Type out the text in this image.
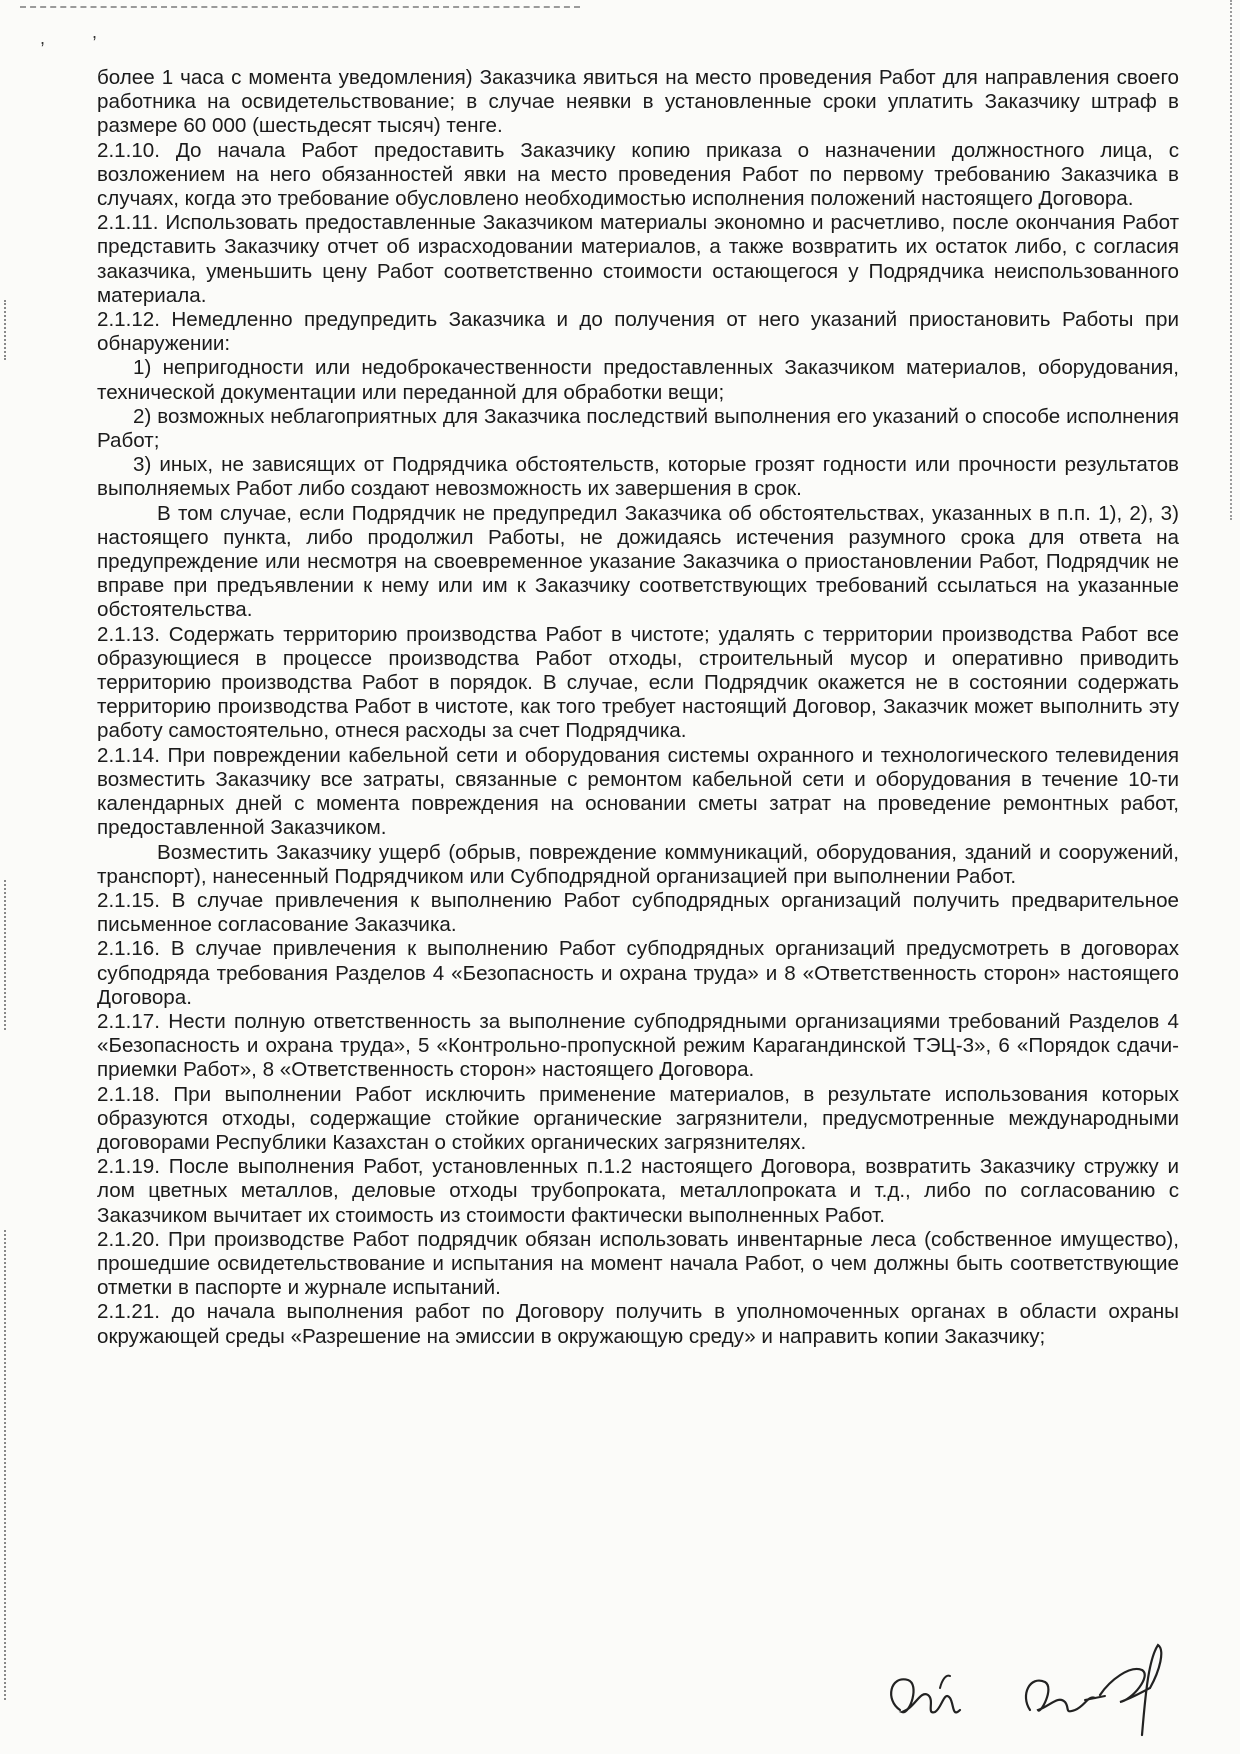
,	,

более 1 часа с момента уведомления) Заказчика явиться на место проведения Работ для направления своего работника на освидетельствование; в случае неявки в установленные сроки уплатить Заказчику штраф в размере 60 000 (шестьдесят тысяч) тенге.

2.1.10. До начала Работ предоставить Заказчику копию приказа о назначении должностного лица, с возложением на него обязанностей явки на место проведения Работ по первому требованию Заказчика в случаях, когда это требование обусловлено необходимостью исполнения положений настоящего Договора.

2.1.11. Использовать предоставленные Заказчиком материалы экономно и расчетливо, после окончания Работ представить Заказчику отчет об израсходовании материалов, а также возвратить их остаток либо, с согласия заказчика, уменьшить цену Работ соответственно стоимости остающегося у Подрядчика неиспользованного материала.

2.1.12. Немедленно предупредить Заказчика и до получения от него указаний приостановить Работы при обнаружении:

1) непригодности или недоброкачественности предоставленных Заказчиком материалов, оборудования, технической документации или переданной для обработки вещи;

2) возможных неблагоприятных для Заказчика последствий выполнения его указаний о способе исполнения Работ;

3) иных, не зависящих от Подрядчика обстоятельств, которые грозят годности или прочности результатов выполняемых Работ либо создают невозможность их завершения в срок.

В том случае, если Подрядчик не предупредил Заказчика об обстоятельствах, указанных в п.п. 1), 2), 3) настоящего пункта, либо продолжил Работы, не дожидаясь истечения разумного срока для ответа на предупреждение или несмотря на своевременное указание Заказчика о приостановлении Работ, Подрядчик не вправе при предъявлении к нему или им к Заказчику соответствующих требований ссылаться на указанные обстоятельства.

2.1.13. Содержать территорию производства Работ в чистоте; удалять с территории производства Работ все образующиеся в процессе производства Работ отходы, строительный мусор и оперативно приводить территорию производства Работ в порядок. В случае, если Подрядчик окажется не в состоянии содержать территорию производства Работ в чистоте, как того требует настоящий Договор, Заказчик может выполнить эту работу самостоятельно, отнеся расходы за счет Подрядчика.

2.1.14. При повреждении кабельной сети и оборудования системы охранного и технологического телевидения возместить Заказчику все затраты, связанные с ремонтом кабельной сети и оборудования в течение 10-ти календарных дней с момента повреждения на основании сметы затрат на проведение ремонтных работ, предоставленной Заказчиком.

Возместить Заказчику ущерб (обрыв, повреждение коммуникаций, оборудования, зданий и сооружений, транспорт), нанесенный Подрядчиком или Субподрядной организацией при выполнении Работ.

2.1.15. В случае привлечения к выполнению Работ субподрядных организаций получить предварительное письменное согласование Заказчика.

2.1.16. В случае привлечения к выполнению Работ субподрядных организаций предусмотреть в договорах субподряда требования Разделов 4 «Безопасность и охрана труда» и 8 «Ответственность сторон» настоящего Договора.

2.1.17. Нести полную ответственность за выполнение субподрядными организациями требований Разделов 4 «Безопасность и охрана труда», 5 «Контрольно-пропускной режим Карагандинской ТЭЦ-3», 6 «Порядок сдачи-приемки Работ», 8 «Ответственность сторон» настоящего Договора.

2.1.18. При выполнении Работ исключить применение материалов, в результате использования которых образуются отходы, содержащие стойкие органические загрязнители, предусмотренные международными договорами Республики Казахстан о стойких органических загрязнителях.

2.1.19. После выполнения Работ, установленных п.1.2 настоящего Договора, возвратить Заказчику стружку и лом цветных металлов, деловые отходы трубопроката, металлопроката и т.д., либо по согласованию с Заказчиком вычитает их стоимость из стоимости фактически выполненных Работ.

2.1.20. При производстве Работ подрядчик обязан использовать инвентарные леса (собственное имущество), прошедшие освидетельствование и испытания на момент начала Работ, о чем должны быть соответствующие отметки в паспорте и журнале испытаний.

2.1.21. до начала выполнения работ по Договору получить в уполномоченных органах в области охраны окружающей среды «Разрешение на эмиссии в окружающую среду» и направить копии Заказчику;
